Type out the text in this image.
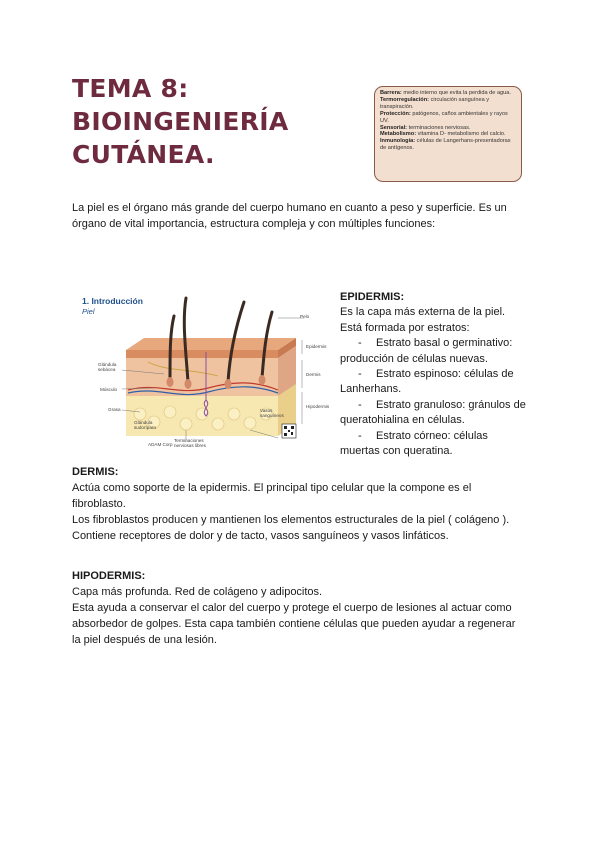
TEMA 8:
BIOINGENIERÍA
CUTÁNEA.
Barrera: medio interno que evita la perdida de agua.
Termorregulación: circulación sanguínea y transpiración.
Protección: patógenos, caños ambientales y rayos UV.
Sensorial: terminaciones nerviosas.
Metabolismo: vitamina D- metabolismo del calcio.
Inmunología: células de Langerhans-presentadoras de antígenos.

La piel es el órgano más grande del cuerpo humano en cuanto a peso y superficie. Es un órgano de vital importancia, estructura compleja y con múltiples funciones:

1. Introducción
Piel
Pelo
Epidermis
Dermis
Hipodermis
Glándula sebácea
Músculo
Grasa
Glándula sudorípara
Terminaciones nerviosas libres
Vasos sanguíneos
ADAM Corp
EPIDERMIS:
Es la capa más externa de la piel.
Está formada por estratos:
- Estrato basal o germinativo:
producción de células nuevas.
- Estrato espinoso: células de
Lanherhans.
- Estrato granuloso: gránulos de
queratohialina en células.
- Estrato córneo: células
muertas con queratina.
DERMIS:
Actúa como soporte de la epidermis. El principal tipo celular que la compone es el
fibroblasto.
Los fibroblastos producen y mantienen los elementos estructurales de la piel ( colágeno ).
Contiene receptores de dolor y de tacto, vasos sanguíneos y vasos linfáticos.
HIPODERMIS:
Capa más profunda. Red de colágeno y adipocitos.
Esta ayuda a conservar el calor del cuerpo y protege el cuerpo de lesiones al actuar como
absorbedor de golpes. Esta capa también contiene células que pueden ayudar a regenerar
la piel después de una lesión.
